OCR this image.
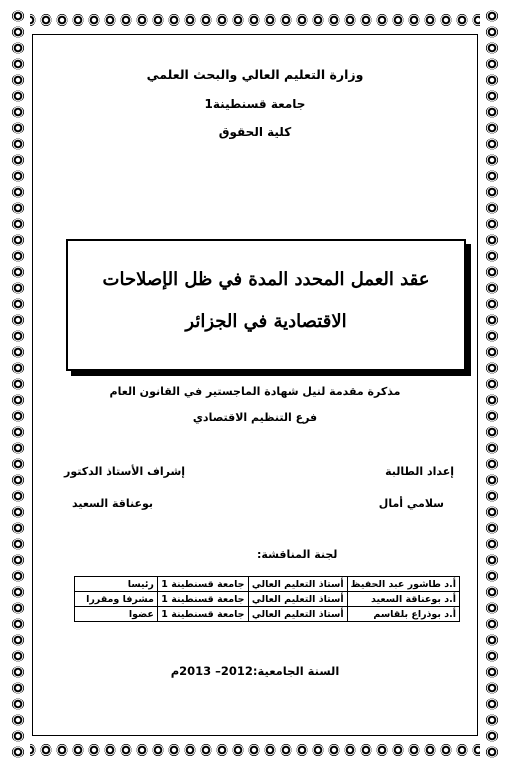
وزارة التعليم العالي والبحث العلمي
جامعة قسنطينة1
كلية الحقوق
عقد العمل المحدد المدة في ظل الإصلاحات
الاقتصادية في الجزائر
مذكرة مقدمة لنيل شهادة الماجستير في القانون العام
فرع التنظيم الاقتصادي
إعداد الطالبة
سلامي أمال
إشراف الأستاذ الدكتور
بوعناقة السعيد
لجنة المناقشة:
أ.د طاشور عبد الحفيظ	أستاذ التعليم العالي	جامعة قسنطينة 1	رئيسا
أ.د بوعناقة السعيد	أستاذ التعليم العالي	جامعة قسنطينة 1	مشرفا ومقررا
أ.د بوذراع بلقاسم	أستاذ التعليم العالي	جامعة قسنطينة 1	عضوا
السنة الجامعية:2012– 2013م
